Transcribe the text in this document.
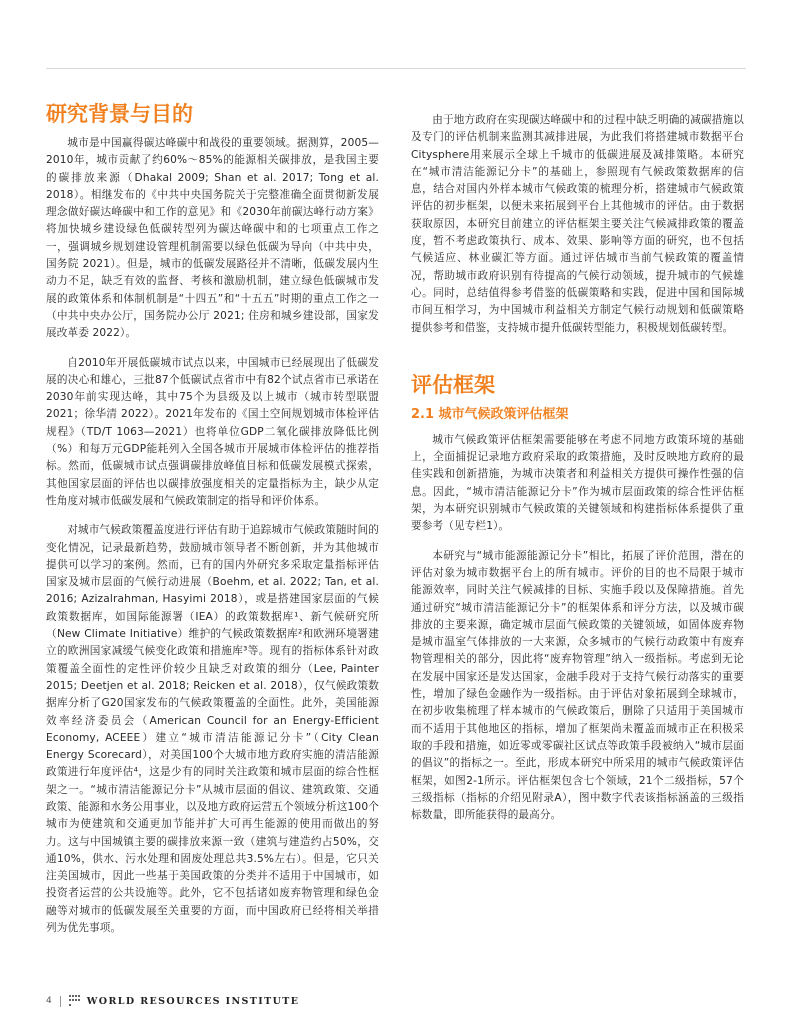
研究背景与目的

城市是中国赢得碳达峰碳中和战役的重要领域。据测算，2005—2010年，城市贡献了约60%～85%的能源相关碳排放，是我国主要的碳排放来源（Dhakal 2009; Shan et al. 2017; Tong et al. 2018）。相继发布的《中共中央国务院关于完整准确全面贯彻新发展理念做好碳达峰碳中和工作的意见》和《2030年前碳达峰行动方案》将加快城乡建设绿色低碳转型列为碳达峰碳中和的七项重点工作之一，强调城乡规划建设管理机制需要以绿色低碳为导向（中共中央，国务院 2021）。但是，城市的低碳发展路径并不清晰，低碳发展内生动力不足，缺乏有效的监督、考核和激励机制，建立绿色低碳城市发展的政策体系和体制机制是“十四五”和“十五五”时期的重点工作之一（中共中央办公厅，国务院办公厅 2021; 住房和城乡建设部，国家发展改革委 2022）。

自2010年开展低碳城市试点以来，中国城市已经展现出了低碳发展的决心和雄心，三批87个低碳试点省市中有82个试点省市已承诺在2030年前实现达峰，其中75个为县级及以上城市（城市转型联盟 2021；徐华清 2022）。2021年发布的《国土空间规划城市体检评估规程》（TD/T 1063—2021）也将单位GDP二氧化碳排放降低比例（%）和每万元GDP能耗列入全国各城市开展城市体检评估的推荐指标。然而，低碳城市试点强调碳排放峰值目标和低碳发展模式探索，其他国家层面的评估也以碳排放强度相关的定量指标为主，缺少从定性角度对城市低碳发展和气候政策制定的指导和评价体系。

对城市气候政策覆盖度进行评估有助于追踪城市气候政策随时间的变化情况，记录最新趋势，鼓励城市领导者不断创新，并为其他城市提供可以学习的案例。然而，已有的国内外研究多采取定量指标评估国家及城市层面的气候行动进展（Boehm, et al. 2022; Tan, et al. 2016; Azizalrahman, Hasyimi 2018），或是搭建国家层面的气候政策数据库，如国际能源署（IEA）的政策数据库¹、新气候研究所（New Climate Initiative）维护的气候政策数据库²和欧洲环境署建立的欧洲国家减缓气候变化政策和措施库³等。现有的指标体系针对政策覆盖全面性的定性评价较少且缺乏对政策的细分（Lee, Painter 2015; Deetjen et al. 2018; Reicken et al. 2018），仅气候政策数据库分析了G20国家发布的气候政策覆盖的全面性。此外，美国能源效率经济委员会（American Council for an Energy-Efficient Economy, ACEEE）建立“城市清洁能源记分卡”（City Clean Energy Scorecard），对美国100个大城市地方政府实施的清洁能源政策进行年度评估⁴，这是少有的同时关注政策和城市层面的综合性框架之一。“城市清洁能源记分卡”从城市层面的倡议、建筑政策、交通政策、能源和水务公用事业，以及地方政府运营五个领域分析这100个城市为使建筑和交通更加节能并扩大可再生能源的使用而做出的努力。这与中国城镇主要的碳排放来源一致（建筑与建造约占50%，交通10%，供水、污水处理和固废处理总共3.5%左右）。但是，它只关注美国城市，因此一些基于美国政策的分类并不适用于中国城市，如投资者运营的公共设施等。此外，它不包括诸如废弃物管理和绿色金融等对城市的低碳发展至关重要的方面，而中国政府已经将相关举措列为优先事项。

由于地方政府在实现碳达峰碳中和的过程中缺乏明确的减碳措施以及专门的评估机制来监测其减排进展，为此我们将搭建城市数据平台Citysphere用来展示全球上千城市的低碳进展及减排策略。本研究在“城市清洁能源记分卡”的基础上，参照现有气候政策数据库的信息，结合对国内外样本城市气候政策的梳理分析，搭建城市气候政策评估的初步框架，以便未来拓展到平台上其他城市的评估。由于数据获取原因，本研究目前建立的评估框架主要关注气候减排政策的覆盖度，暂不考虑政策执行、成本、效果、影响等方面的研究，也不包括气候适应、林业碳汇等方面。通过评估城市当前气候政策的覆盖情况，帮助城市政府识别有待提高的气候行动领域，提升城市的气候雄心。同时，总结值得参考借鉴的低碳策略和实践，促进中国和国际城市间互相学习，为中国城市利益相关方制定气候行动规划和低碳策略提供参考和借鉴，支持城市提升低碳转型能力，积极规划低碳转型。

评估框架
2.1 城市气候政策评估框架

城市气候政策评估框架需要能够在考虑不同地方政策环境的基础上，全面捕捉记录地方政府采取的政策措施，及时反映地方政府的最佳实践和创新措施，为城市决策者和利益相关方提供可操作性强的信息。因此，“城市清洁能源记分卡”作为城市层面政策的综合性评估框架，为本研究识别城市气候政策的关键领域和构建指标体系提供了重要参考（见专栏1）。

本研究与“城市能源能源记分卡”相比，拓展了评价范围，潜在的评估对象为城市数据平台上的所有城市。评价的目的也不局限于城市能源效率，同时关注气候减排的目标、实施手段以及保障措施。首先通过研究“城市清洁能源记分卡”的框架体系和评分方法，以及城市碳排放的主要来源，确定城市层面气候政策的关键领域，如固体废弃物是城市温室气体排放的一大来源，众多城市的气候行动政策中有废弃物管理相关的部分，因此将“废弃物管理”纳入一级指标。考虑到无论在发展中国家还是发达国家，金融手段对于支持气候行动落实的重要性，增加了绿色金融作为一级指标。由于评估对象拓展到全球城市，在初步收集梳理了样本城市的气候政策后，删除了只适用于美国城市而不适用于其他地区的指标，增加了框架尚未覆盖而城市正在积极采取的手段和措施，如近零或零碳社区试点等政策手段被纳入“城市层面的倡议”的指标之一。至此，形成本研究中所采用的城市气候政策评估框架，如图2-1所示。评估框架包含七个领域，21个二级指标，57个三级指标（指标的介绍见附录A），图中数字代表该指标涵盖的三级指标数量，即所能获得的最高分。

4	WORLD RESOURCES INSTITUTE
